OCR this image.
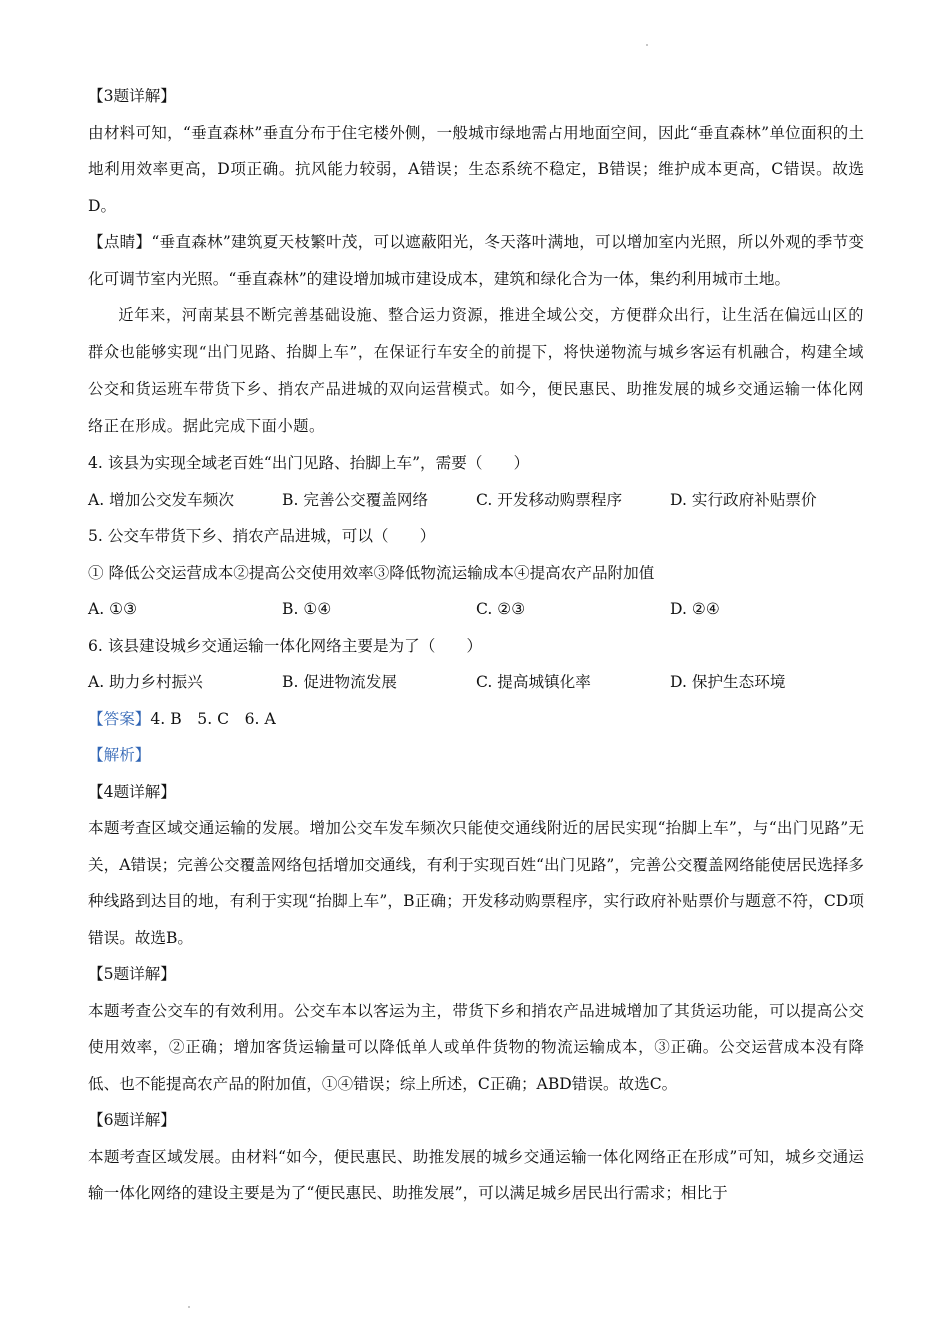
【3题详解】

由材料可知，“垂直森林”垂直分布于住宅楼外侧，一般城市绿地需占用地面空间，因此“垂直森林”单位面积的土地利用效率更高，D项正确。抗风能力较弱，A错误；生态系统不稳定，B错误；维护成本更高，C错误。故选D。

【点睛】“垂直森林”建筑夏天枝繁叶茂，可以遮蔽阳光，冬天落叶满地，可以增加室内光照，所以外观的季节变化可调节室内光照。“垂直森林”的建设增加城市建设成本，建筑和绿化合为一体，集约利用城市土地。

近年来，河南某县不断完善基础设施、整合运力资源，推进全域公交，方便群众出行，让生活在偏远山区的群众也能够实现“出门见路、抬脚上车”，在保证行车安全的前提下，将快递物流与城乡客运有机融合，构建全域公交和货运班车带货下乡、捎农产品进城的双向运营模式。如今，便民惠民、助推发展的城乡交通运输一体化网络正在形成。据此完成下面小题。

4. 该县为实现全域老百姓“出门见路、抬脚上车”，需要（　　）

A. 增加公交发车频次	B. 完善公交覆盖网络	C. 开发移动购票程序	D. 实行政府补贴票价

5. 公交车带货下乡、捎农产品进城，可以（　　）

① 降低公交运营成本②提高公交使用效率③降低物流运输成本④提高农产品附加值

A. ①③	B. ①④	C. ②③	D. ②④

6. 该县建设城乡交通运输一体化网络主要是为了（　　）

A. 助力乡村振兴	B. 促进物流发展	C. 提高城镇化率	D. 保护生态环境

【答案】4. B　5. C　6. A

【解析】

【4题详解】

本题考查区域交通运输的发展。增加公交车发车频次只能使交通线附近的居民实现“抬脚上车”，与“出门见路”无关，A错误；完善公交覆盖网络包括增加交通线，有利于实现百姓“出门见路”，完善公交覆盖网络能使居民选择多种线路到达目的地，有利于实现“抬脚上车”，B正确；开发移动购票程序，实行政府补贴票价与题意不符，CD项错误。故选B。

【5题详解】

本题考查公交车的有效利用。公交车本以客运为主，带货下乡和捎农产品进城增加了其货运功能，可以提高公交使用效率，②正确；增加客货运输量可以降低单人或单件货物的物流运输成本，③正确。公交运营成本没有降低、也不能提高农产品的附加值，①④错误；综上所述，C正确；ABD错误。故选C。

【6题详解】

本题考查区域发展。由材料“如今，便民惠民、助推发展的城乡交通运输一体化网络正在形成”可知，城乡交通运输一体化网络的建设主要是为了“便民惠民、助推发展”，可以满足城乡居民出行需求；相比于
